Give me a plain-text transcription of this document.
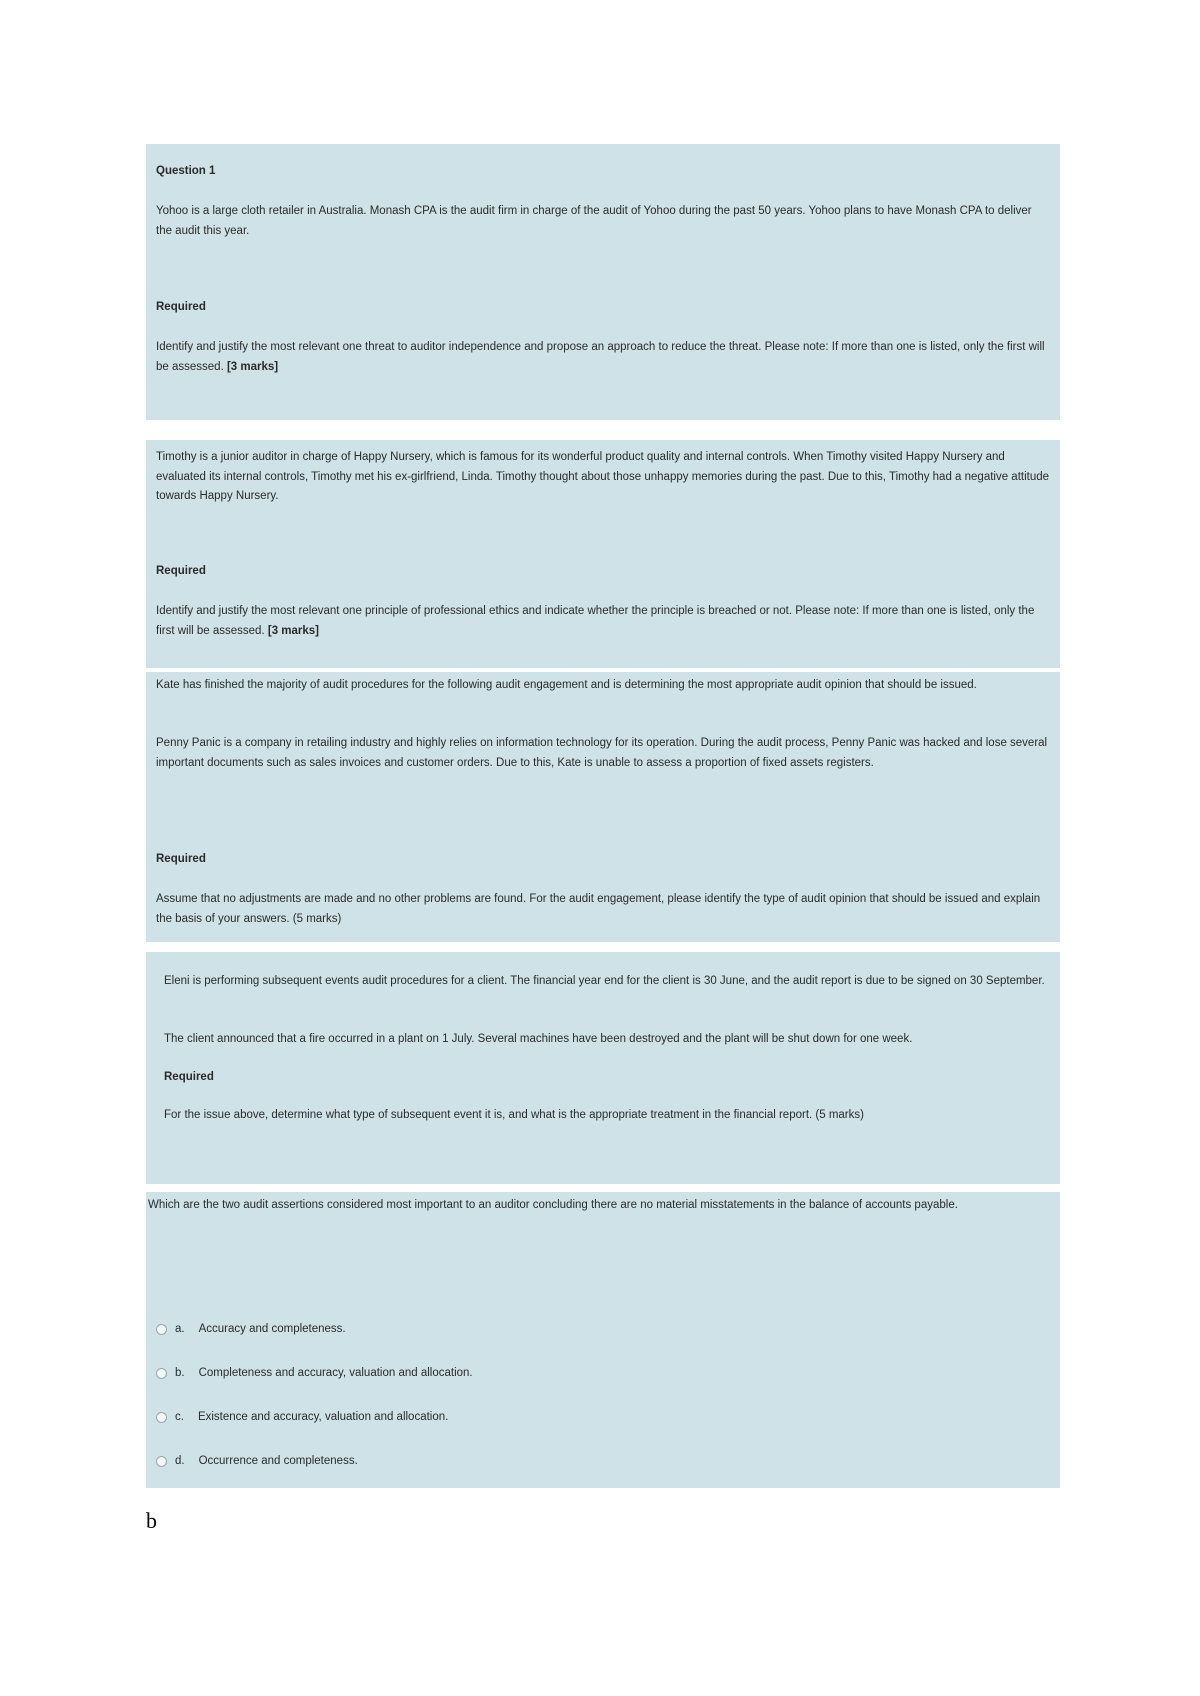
Question 1

Yohoo is a large cloth retailer in Australia. Monash CPA is the audit firm in charge of the audit of Yohoo during the past 50 years. Yohoo plans to have Monash CPA to deliver the audit this year.

Required

Identify and justify the most relevant one threat to auditor independence and propose an approach to reduce the threat. Please note: If more than one is listed, only the first will be assessed. [3 marks]

Timothy is a junior auditor in charge of Happy Nursery, which is famous for its wonderful product quality and internal controls. When Timothy visited Happy Nursery and evaluated its internal controls, Timothy met his ex-girlfriend, Linda. Timothy thought about those unhappy memories during the past. Due to this, Timothy had a negative attitude towards Happy Nursery.

Required

Identify and justify the most relevant one principle of professional ethics and indicate whether the principle is breached or not. Please note: If more than one is listed, only the first will be assessed. [3 marks]

Kate has finished the majority of audit procedures for the following audit engagement and is determining the most appropriate audit opinion that should be issued.

Penny Panic is a company in retailing industry and highly relies on information technology for its operation. During the audit process, Penny Panic was hacked and lose several important documents such as sales invoices and customer orders. Due to this, Kate is unable to assess a proportion of fixed assets registers.

Required

Assume that no adjustments are made and no other problems are found. For the audit engagement, please identify the type of audit opinion that should be issued and explain the basis of your answers. (5 marks)

Eleni is performing subsequent events audit procedures for a client. The financial year end for the client is 30 June, and the audit report is due to be signed on 30 September.

The client announced that a fire occurred in a plant on 1 July. Several machines have been destroyed and the plant will be shut down for one week.

Required

For the issue above, determine what type of subsequent event it is, and what is the appropriate treatment in the financial report. (5 marks)

Which are the two audit assertions considered most important to an auditor concluding there are no material misstatements in the balance of accounts payable.

a. Accuracy and completeness.
b. Completeness and accuracy, valuation and allocation.
c. Existence and accuracy, valuation and allocation.
d. Occurrence and completeness.
b
